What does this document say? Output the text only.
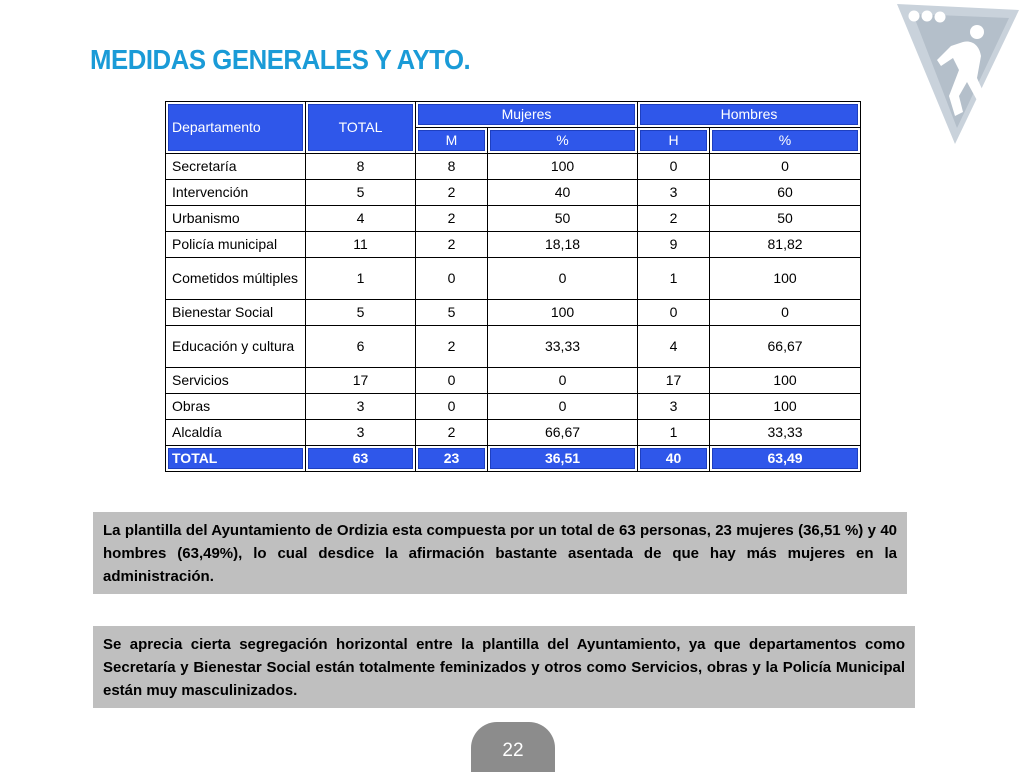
MEDIDAS GENERALES Y AYTO.
Departamento	TOTAL	Mujeres		Hombres	
		M	%	H	%
Secretaría	8	8	100	0	0
Intervención	5	2	40	3	60
Urbanismo	4	2	50	2	50
Policía municipal	11	2	18,18	9	81,82
Cometidos múltiples	1	0	0	1	100
Bienestar Social	5	5	100	0	0
Educación y cultura	6	2	33,33	4	66,67
Servicios	17	0	0	17	100
Obras	3	0	0	3	100
Alcaldía	3	2	66,67	1	33,33
TOTAL	63	23	36,51	40	63,49
La plantilla del Ayuntamiento de Ordizia esta compuesta por un total de 63 personas, 23 mujeres (36,51 %) y 40 hombres (63,49%), lo cual desdice la afirmación bastante asentada de que hay más mujeres en la administración.
Se aprecia cierta segregación horizontal entre la plantilla del Ayuntamiento, ya que departamentos como Secretaría y Bienestar Social están totalmente feminizados y otros como Servicios, obras y la Policía Municipal están muy masculinizados.
22
